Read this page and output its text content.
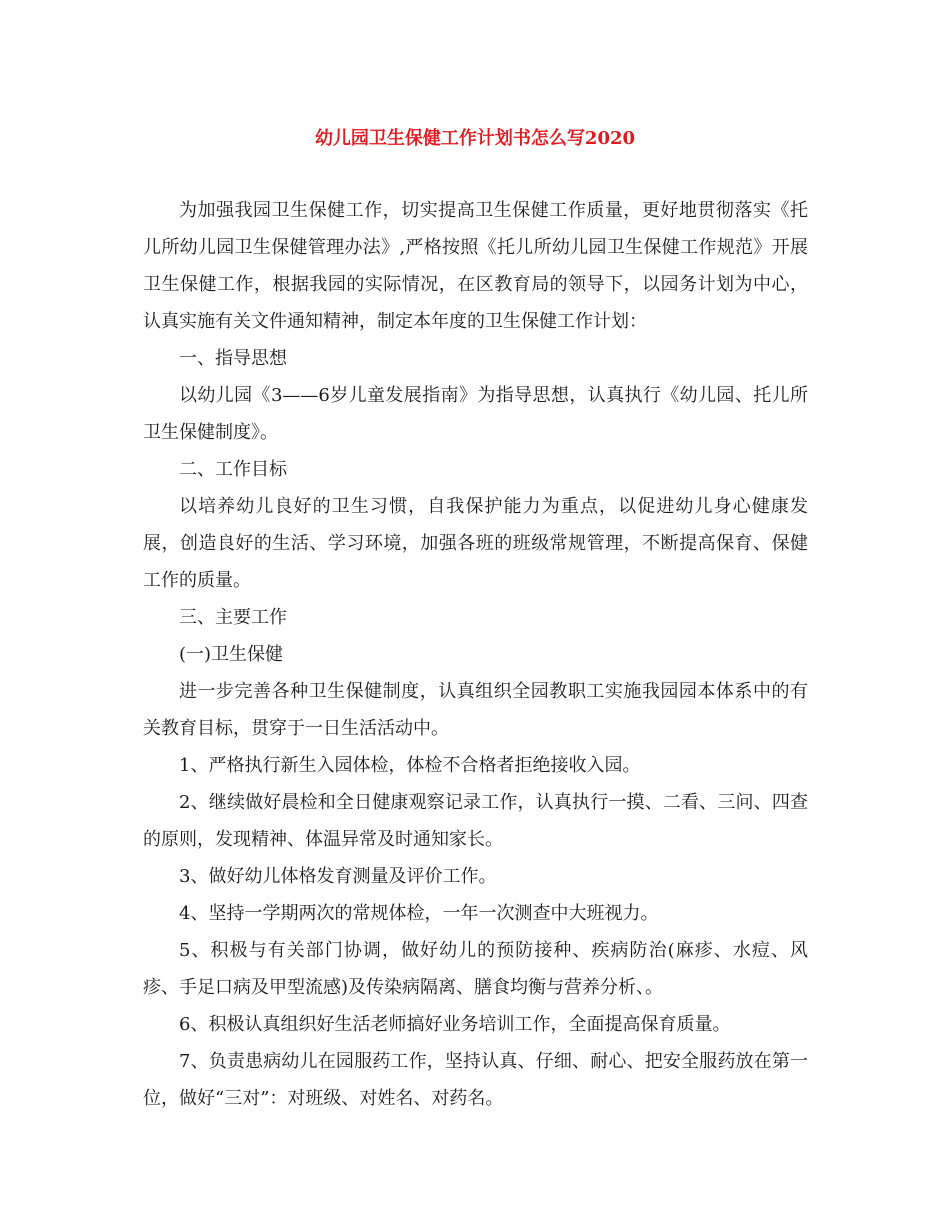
幼儿园卫生保健工作计划书怎么写2020

为加强我园卫生保健工作，切实提高卫生保健工作质量，更好地贯彻落实《托儿所幼儿园卫生保健管理办法》,严格按照《托儿所幼儿园卫生保健工作规范》开展卫生保健工作，根据我园的实际情况，在区教育局的领导下，以园务计划为中心，认真实施有关文件通知精神，制定本年度的卫生保健工作计划：

一、指导思想

以幼儿园《3——6岁儿童发展指南》为指导思想，认真执行《幼儿园、托儿所卫生保健制度》。

二、工作目标

以培养幼儿良好的卫生习惯，自我保护能力为重点，以促进幼儿身心健康发展，创造良好的生活、学习环境，加强各班的班级常规管理，不断提高保育、保健工作的质量。

三、主要工作

(一)卫生保健

进一步完善各种卫生保健制度，认真组织全园教职工实施我园园本体系中的有关教育目标，贯穿于一日生活活动中。

1、严格执行新生入园体检，体检不合格者拒绝接收入园。

2、继续做好晨检和全日健康观察记录工作，认真执行一摸、二看、三问、四查的原则，发现精神、体温异常及时通知家长。

3、做好幼儿体格发育测量及评价工作。

4、坚持一学期两次的常规体检，一年一次测查中大班视力。

5、积极与有关部门协调，做好幼儿的预防接种、疾病防治(麻疹、水痘、风疹、手足口病及甲型流感)及传染病隔离、膳食均衡与营养分析、。

6、积极认真组织好生活老师搞好业务培训工作，全面提高保育质量。

7、负责患病幼儿在园服药工作，坚持认真、仔细、耐心、把安全服药放在第一位，做好“三对”：对班级、对姓名、对药名。
